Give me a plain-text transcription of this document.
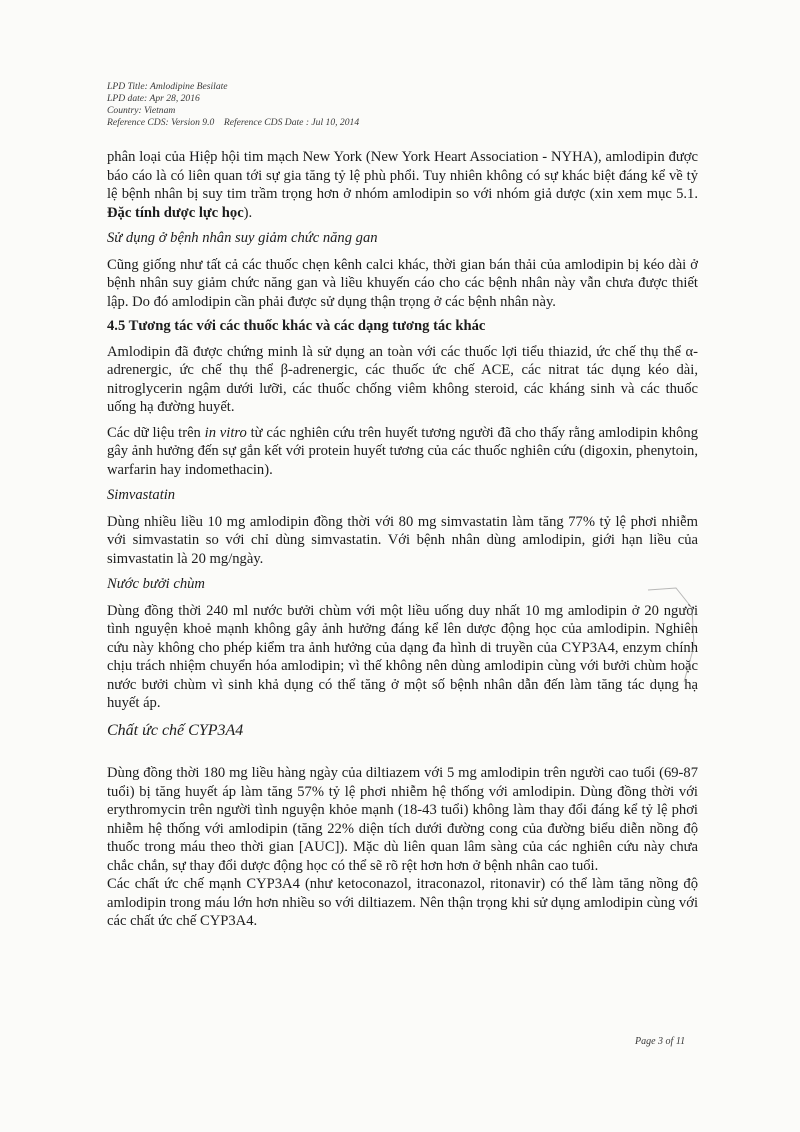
LPD Title: Amlodipine Besilate
LPD date: Apr 28, 2016
Country: Vietnam
Reference CDS: Version 9.0    Reference CDS Date : Jul 10, 2014

phân loại của Hiệp hội tim mạch New York (New York Heart Association - NYHA), amlodipin được báo cáo là có liên quan tới sự gia tăng tỷ lệ phù phổi. Tuy nhiên không có sự khác biệt đáng kể về tỷ lệ bệnh nhân bị suy tim trầm trọng hơn ở nhóm amlodipin so với nhóm giả dược (xin xem mục 5.1. Đặc tính dược lực học).

Sử dụng ở bệnh nhân suy giảm chức năng gan

Cũng giống như tất cả các thuốc chẹn kênh calci khác, thời gian bán thải của amlodipin bị kéo dài ở bệnh nhân suy giảm chức năng gan và liều khuyến cáo cho các bệnh nhân này vẫn chưa được thiết lập. Do đó amlodipin cần phải được sử dụng thận trọng ở các bệnh nhân này.

4.5 Tương tác với các thuốc khác và các dạng tương tác khác

Amlodipin đã được chứng minh là sử dụng an toàn với các thuốc lợi tiểu thiazid, ức chế thụ thể α-adrenergic, ức chế thụ thể β-adrenergic, các thuốc ức chế ACE, các nitrat tác dụng kéo dài, nitroglycerin ngậm dưới lưỡi, các thuốc chống viêm không steroid, các kháng sinh và các thuốc uống hạ đường huyết.

Các dữ liệu trên in vitro từ các nghiên cứu trên huyết tương người đã cho thấy rằng amlodipin không gây ảnh hưởng đến sự gắn kết với protein huyết tương của các thuốc nghiên cứu (digoxin, phenytoin, warfarin hay indomethacin).

Simvastatin

Dùng nhiều liều 10 mg amlodipin đồng thời với 80 mg simvastatin làm tăng 77% tỷ lệ phơi nhiễm với simvastatin so với chỉ dùng simvastatin. Với bệnh nhân dùng amlodipin, giới hạn liều của simvastatin là 20 mg/ngày.

Nước bưởi chùm

Dùng đồng thời 240 ml nước bưởi chùm với một liều uống duy nhất 10 mg amlodipin ở 20 người tình nguyện khoẻ mạnh không gây ảnh hưởng đáng kể lên dược động học của amlodipin. Nghiên cứu này không cho phép kiểm tra ảnh hưởng của dạng đa hình di truyền của CYP3A4, enzym chính chịu trách nhiệm chuyển hóa amlodipin; vì thế không nên dùng amlodipin cùng với bưởi chùm hoặc nước bưởi chùm vì sinh khả dụng có thể tăng ở một số bệnh nhân dẫn đến làm tăng tác dụng hạ huyết áp.

Chất ức chế CYP3A4

Dùng đồng thời 180 mg liều hàng ngày của diltiazem với 5 mg amlodipin trên người cao tuổi (69-87 tuổi) bị tăng huyết áp làm tăng 57% tỷ lệ phơi nhiễm hệ thống với amlodipin. Dùng đồng thời với erythromycin trên người tình nguyện khỏe mạnh (18-43 tuổi) không làm thay đổi đáng kể tỷ lệ phơi nhiễm hệ thống với amlodipin (tăng 22% diện tích dưới đường cong của đường biểu diễn nồng độ thuốc trong máu theo thời gian [AUC]). Mặc dù liên quan lâm sàng của các nghiên cứu này chưa chắc chắn, sự thay đổi dược động học có thể sẽ rõ rệt hơn hơn ở bệnh nhân cao tuổi.

Các chất ức chế mạnh CYP3A4 (như ketoconazol, itraconazol, ritonavir) có thể làm tăng nồng độ amlodipin trong máu lớn hơn nhiều so với diltiazem. Nên thận trọng khi sử dụng amlodipin cùng với các chất ức chế CYP3A4.

Page 3 of 11
